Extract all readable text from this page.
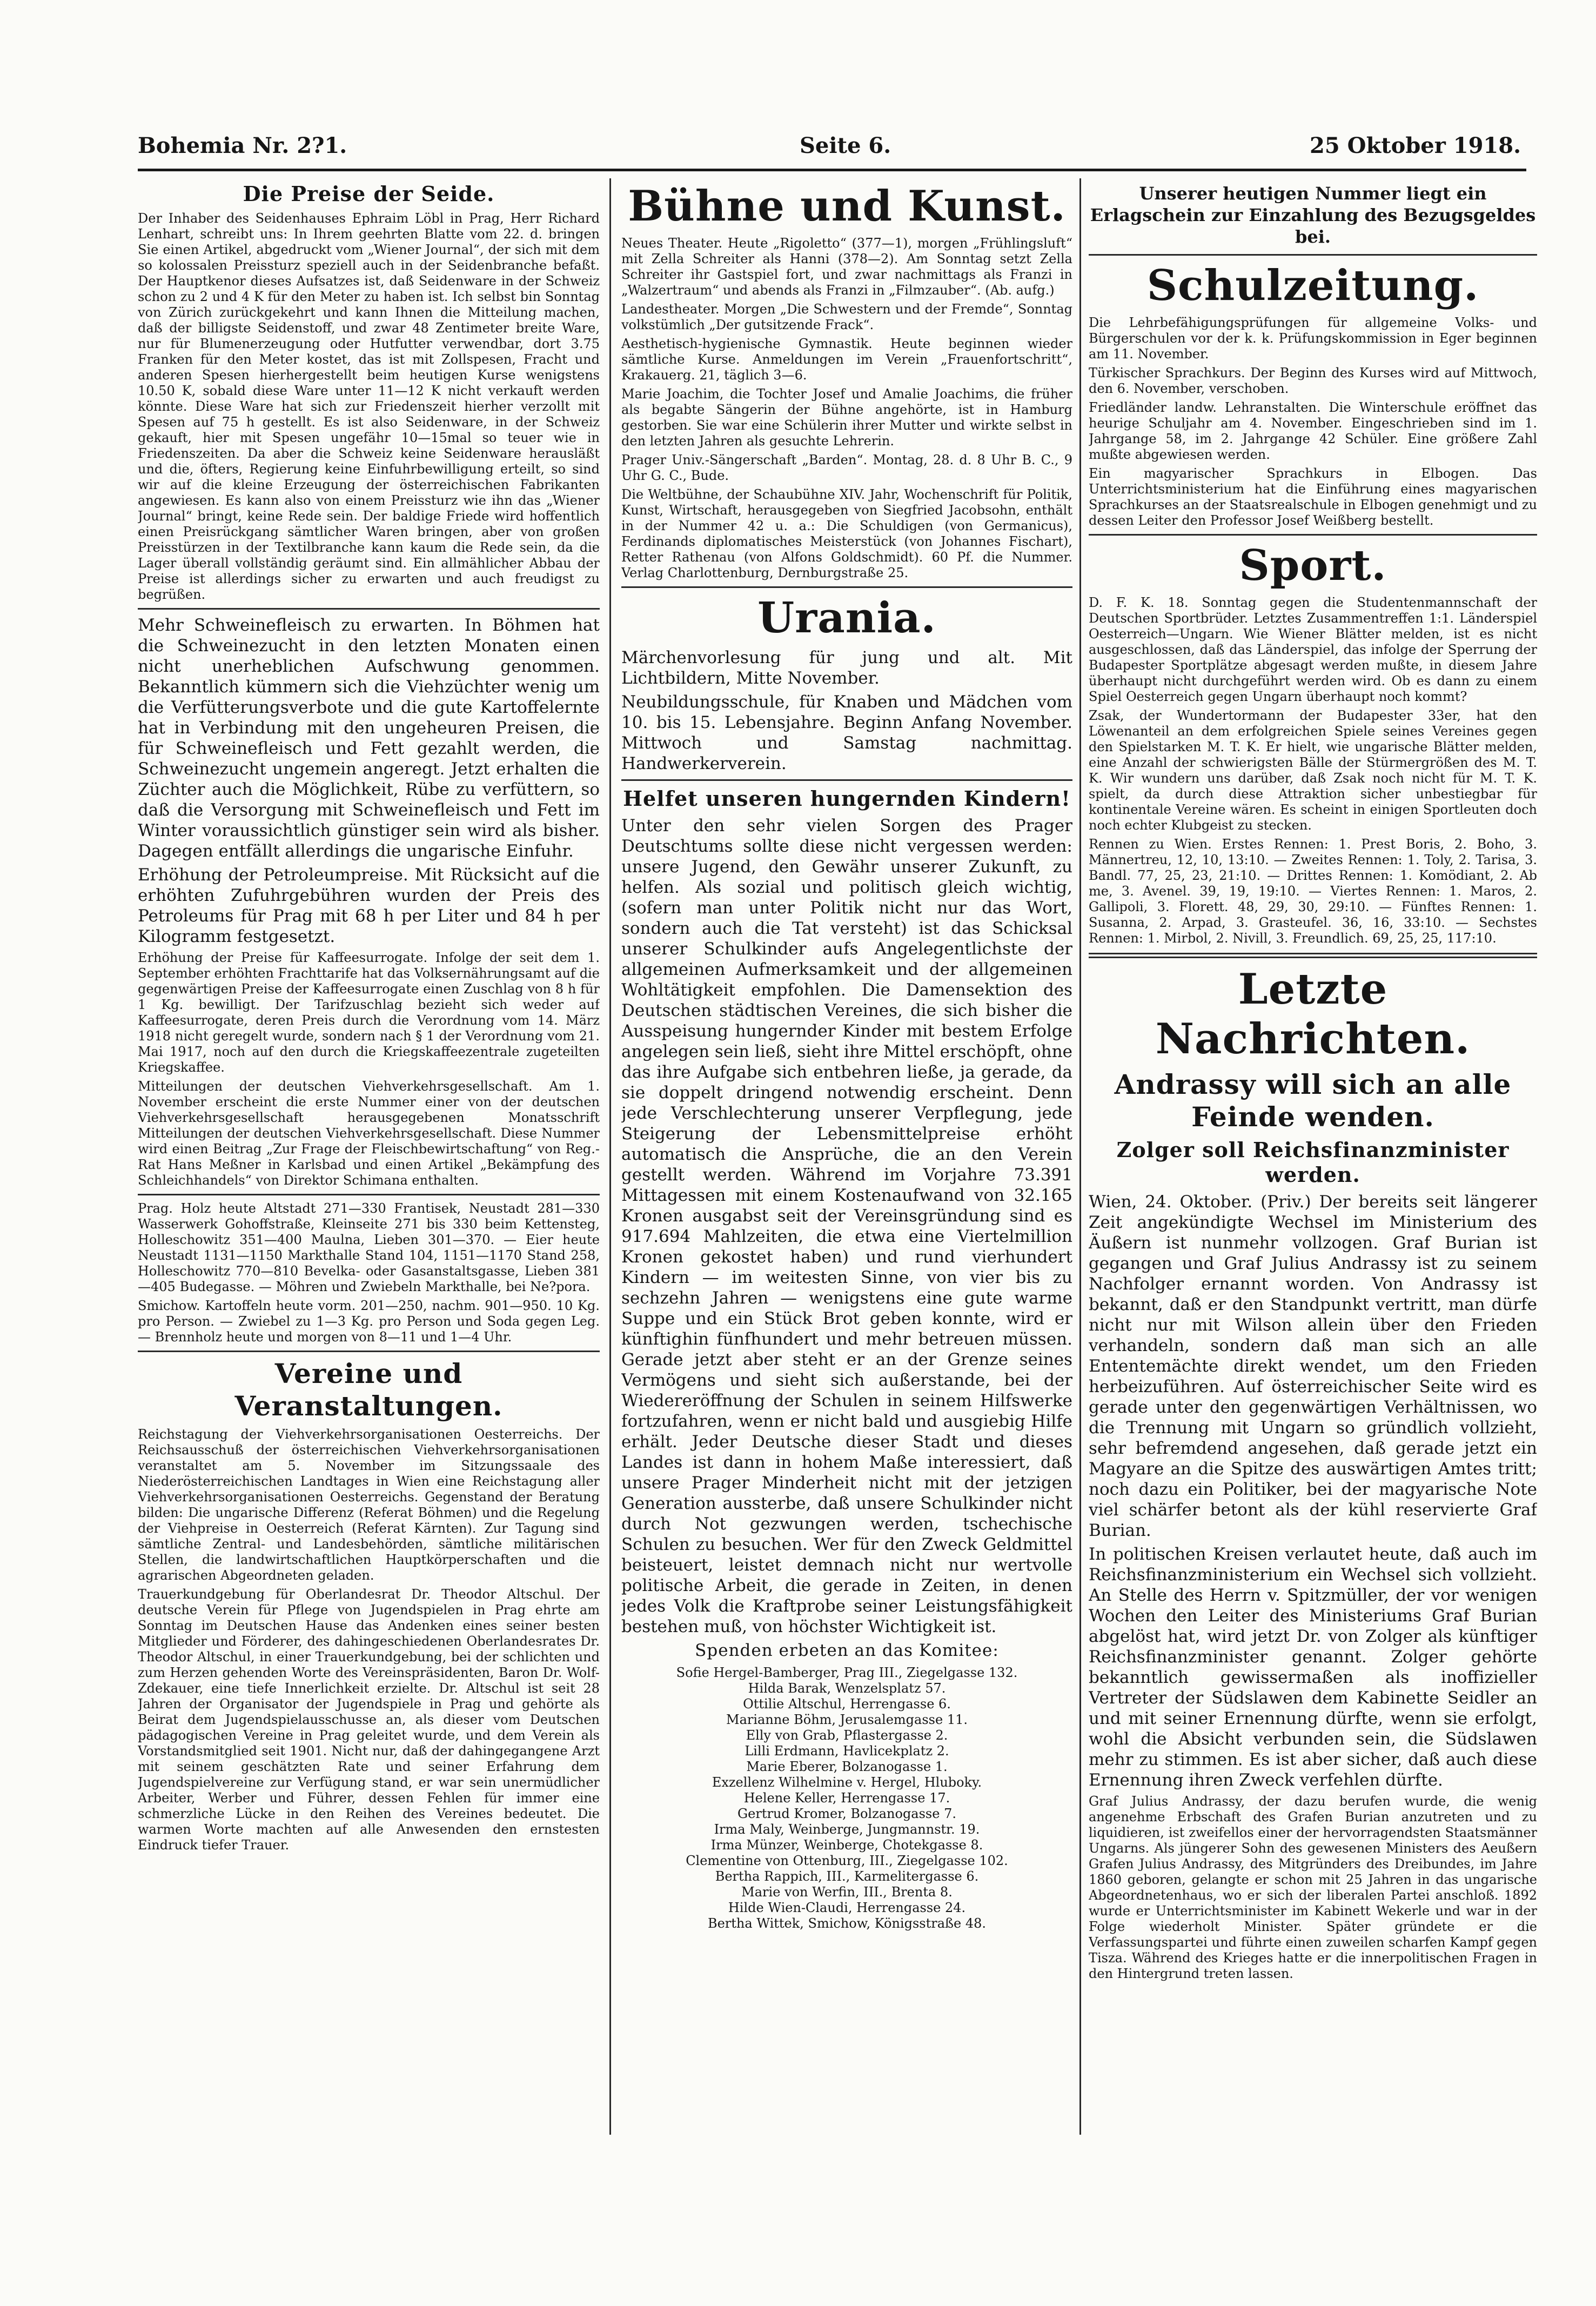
Bohemia Nr. 2?1.	Seite 6.	25 Oktober 1918.
Die Preise der Seide.

Der Inhaber des Seidenhauses Ephraim Löbl in Prag, Herr Richard Lenhart, schreibt uns: In Ihrem geehrten Blatte vom 22. d. bringen Sie einen Artikel, abgedruckt vom „Wiener Journal“, der sich mit dem so kolossalen Preissturz speziell auch in der Seidenbranche befaßt. Der Hauptkenor dieses Aufsatzes ist, daß Seidenware in der Schweiz schon zu 2 und 4 K für den Meter zu haben ist. Ich selbst bin Sonntag von Zürich zurückgekehrt und kann Ihnen die Mitteilung machen, daß der billigste Seidenstoff, und zwar 48 Zentimeter breite Ware, nur für Blumenerzeugung oder Hutfutter verwendbar, dort 3.75 Franken für den Meter kostet, das ist mit Zollspesen, Fracht und anderen Spesen hierhergestellt beim heutigen Kurse wenigstens 10.50 K, sobald diese Ware unter 11—12 K nicht verkauft werden könnte. Diese Ware hat sich zur Friedenszeit hierher verzollt mit Spesen auf 75 h gestellt. Es ist also Seidenware, in der Schweiz gekauft, hier mit Spesen ungefähr 10—15mal so teuer wie in Friedenszeiten. Da aber die Schweiz keine Seidenware herausläßt und die, öfters, Regierung keine Einfuhrbewilligung erteilt, so sind wir auf die kleine Erzeugung der österreichischen Fabrikanten angewiesen. Es kann also von einem Preissturz wie ihn das „Wiener Journal“ bringt, keine Rede sein. Der baldige Friede wird hoffentlich einen Preisrückgang sämtlicher Waren bringen, aber von großen Preisstürzen in der Textilbranche kann kaum die Rede sein, da die Lager überall vollständig geräumt sind. Ein allmählicher Abbau der Preise ist allerdings sicher zu erwarten und auch freudigst zu begrüßen.

Mehr Schweinefleisch zu erwarten. In Böhmen hat die Schweinezucht in den letzten Monaten einen nicht unerheblichen Aufschwung genommen. Bekanntlich kümmern sich die Viehzüchter wenig um die Verfütterungsverbote und die gute Kartoffelernte hat in Verbindung mit den ungeheuren Preisen, die für Schweinefleisch und Fett gezahlt werden, die Schweinezucht ungemein angeregt. Jetzt erhalten die Züchter auch die Möglichkeit, Rübe zu verfüttern, so daß die Versorgung mit Schweinefleisch und Fett im Winter voraussichtlich günstiger sein wird als bisher. Dagegen entfällt allerdings die ungarische Einfuhr.

Erhöhung der Petroleumpreise. Mit Rücksicht auf die erhöhten Zufuhrgebühren wurden der Preis des Petroleums für Prag mit 68 h per Liter und 84 h per Kilogramm festgesetzt.

Erhöhung der Preise für Kaffeesurrogate. Infolge der seit dem 1. September erhöhten Frachttarife hat das Volksernährungsamt auf die gegenwärtigen Preise der Kaffeesurrogate einen Zuschlag von 8 h für 1 Kg. bewilligt. Der Tarifzuschlag bezieht sich weder auf Kaffeesurrogate, deren Preis durch die Verordnung vom 14. März 1918 nicht geregelt wurde, sondern nach § 1 der Verordnung vom 21. Mai 1917, noch auf den durch die Kriegskaffeezentrale zugeteilten Kriegskaffee.

Mitteilungen der deutschen Viehverkehrsgesellschaft. Am 1. November erscheint die erste Nummer einer von der deutschen Viehverkehrsgesellschaft herausgegebenen Monatsschrift Mitteilungen der deutschen Viehverkehrsgesellschaft. Diese Nummer wird einen Beitrag „Zur Frage der Fleischbewirtschaftung“ von Reg.-Rat Hans Meßner in Karlsbad und einen Artikel „Bekämpfung des Schleichhandels“ von Direktor Schimana enthalten.

Prag. Holz heute Altstadt 271—330 Frantisek, Neustadt 281—330 Wasserwerk Gohoffstraße, Kleinseite 271 bis 330 beim Kettensteg, Holleschowitz 351—400 Maulna, Lieben 301—370. — Eier heute Neustadt 1131—1150 Markthalle Stand 104, 1151—1170 Stand 258, Holleschowitz 770—810 Bevelka- oder Gasanstaltsgasse, Lieben 381—405 Budegasse. — Möhren und Zwiebeln Markthalle, bei Ne?pora.

Smichow. Kartoffeln heute vorm. 201—250, nachm. 901—950. 10 Kg. pro Person. — Zwiebel zu 1—3 Kg. pro Person und Soda gegen Leg. — Brennholz heute und morgen von 8—11 und 1—4 Uhr.

Vereine und Veranstaltungen.

Reichstagung der Viehverkehrsorganisationen Oesterreichs. Der Reichsausschuß der österreichischen Viehverkehrsorganisationen veranstaltet am 5. November im Sitzungssaale des Niederösterreichischen Landtages in Wien eine Reichstagung aller Viehverkehrsorganisationen Oesterreichs. Gegenstand der Beratung bilden: Die ungarische Differenz (Referat Böhmen) und die Regelung der Viehpreise in Oesterreich (Referat Kärnten). Zur Tagung sind sämtliche Zentral- und Landesbehörden, sämtliche militärischen Stellen, die landwirtschaftlichen Hauptkörperschaften und die agrarischen Abgeordneten geladen.

Trauerkundgebung für Oberlandesrat Dr. Theodor Altschul. Der deutsche Verein für Pflege von Jugendspielen in Prag ehrte am Sonntag im Deutschen Hause das Andenken eines seiner besten Mitglieder und Förderer, des dahingeschiedenen Oberlandesrates Dr. Theodor Altschul, in einer Trauerkundgebung, bei der schlichten und zum Herzen gehenden Worte des Vereinspräsidenten, Baron Dr. Wolf-Zdekauer, eine tiefe Innerlichkeit erzielte. Dr. Altschul ist seit 28 Jahren der Organisator der Jugendspiele in Prag und gehörte als Beirat dem Jugendspielausschusse an, als dieser vom Deutschen pädagogischen Vereine in Prag geleitet wurde, und dem Verein als Vorstandsmitglied seit 1901. Nicht nur, daß der dahingegangene Arzt mit seinem geschätzten Rate und seiner Erfahrung dem Jugendspielvereine zur Verfügung stand, er war sein unermüdlicher Arbeiter, Werber und Führer, dessen Fehlen für immer eine schmerzliche Lücke in den Reihen des Vereines bedeutet. Die warmen Worte machten auf alle Anwesenden den ernstesten Eindruck tiefer Trauer.

Bühne und Kunst.

Neues Theater. Heute „Rigoletto“ (377—1), morgen „Frühlingsluft“ mit Zella Schreiter als Hanni (378—2). Am Sonntag setzt Zella Schreiter ihr Gastspiel fort, und zwar nachmittags als Franzi in „Walzertraum“ und abends als Franzi in „Filmzauber“. (Ab. aufg.)

Landestheater. Morgen „Die Schwestern und der Fremde“, Sonntag volkstümlich „Der gutsitzende Frack“.

Aesthetisch-hygienische Gymnastik. Heute beginnen wieder sämtliche Kurse. Anmeldungen im Verein „Frauenfortschritt“, Krakauerg. 21, täglich 3—6.

Marie Joachim, die Tochter Josef und Amalie Joachims, die früher als begabte Sängerin der Bühne angehörte, ist in Hamburg gestorben. Sie war eine Schülerin ihrer Mutter und wirkte selbst in den letzten Jahren als gesuchte Lehrerin.

Prager Univ.-Sängerschaft „Barden“. Montag, 28. d. 8 Uhr B. C., 9 Uhr G. C., Bude.

Die Weltbühne, der Schaubühne XIV. Jahr, Wochenschrift für Politik, Kunst, Wirtschaft, herausgegeben von Siegfried Jacobsohn, enthält in der Nummer 42 u. a.: Die Schuldigen (von Germanicus), Ferdinands diplomatisches Meisterstück (von Johannes Fischart), Retter Rathenau (von Alfons Goldschmidt). 60 Pf. die Nummer. Verlag Charlottenburg, Dernburgstraße 25.

Urania.

Märchenvorlesung für jung und alt. Mit Lichtbildern, Mitte November.

Neubildungsschule, für Knaben und Mädchen vom 10. bis 15. Lebensjahre. Beginn Anfang November. Mittwoch und Samstag nachmittag. Handwerkerverein.

Helfet unseren hungernden Kindern!

Unter den sehr vielen Sorgen des Prager Deutschtums sollte diese nicht vergessen werden: unsere Jugend, den Gewähr unserer Zukunft, zu helfen. Als sozial und politisch gleich wichtig, (sofern man unter Politik nicht nur das Wort, sondern auch die Tat versteht) ist das Schicksal unserer Schulkinder aufs Angelegentlichste der allgemeinen Aufmerksamkeit und der allgemeinen Wohltätigkeit empfohlen. Die Damensektion des Deutschen städtischen Vereines, die sich bisher die Ausspeisung hungernder Kinder mit bestem Erfolge angelegen sein ließ, sieht ihre Mittel erschöpft, ohne das ihre Aufgabe sich entbehren ließe, ja gerade, da sie doppelt dringend notwendig erscheint. Denn jede Verschlechterung unserer Verpflegung, jede Steigerung der Lebensmittelpreise erhöht automatisch die Ansprüche, die an den Verein gestellt werden. Während im Vorjahre 73.391 Mittagessen mit einem Kostenaufwand von 32.165 Kronen ausgabst seit der Vereinsgründung sind es 917.694 Mahlzeiten, die etwa eine Viertelmillion Kronen gekostet haben) und rund vierhundert Kindern — im weitesten Sinne, von vier bis zu sechzehn Jahren — wenigstens eine gute warme Suppe und ein Stück Brot geben konnte, wird er künftighin fünfhundert und mehr betreuen müssen. Gerade jetzt aber steht er an der Grenze seines Vermögens und sieht sich außerstande, bei der Wiedereröffnung der Schulen in seinem Hilfswerke fortzufahren, wenn er nicht bald und ausgiebig Hilfe erhält. Jeder Deutsche dieser Stadt und dieses Landes ist dann in hohem Maße interessiert, daß unsere Prager Minderheit nicht mit der jetzigen Generation aussterbe, daß unsere Schulkinder nicht durch Not gezwungen werden, tschechische Schulen zu besuchen. Wer für den Zweck Geldmittel beisteuert, leistet demnach nicht nur wertvolle politische Arbeit, die gerade in Zeiten, in denen jedes Volk die Kraftprobe seiner Leistungsfähigkeit bestehen muß, von höchster Wichtigkeit ist.

Spenden erbeten an das Komitee:

Sofie Hergel-Bamberger, Prag III., Ziegelgasse 132.

Hilda Barak, Wenzelsplatz 57.

Ottilie Altschul, Herrengasse 6.

Marianne Böhm, Jerusalemgasse 11.

Elly von Grab, Pflastergasse 2.

Lilli Erdmann, Havlicekplatz 2.

Marie Eberer, Bolzanogasse 1.

Exzellenz Wilhelmine v. Hergel, Hluboky.

Helene Keller, Herrengasse 17.

Gertrud Kromer, Bolzanogasse 7.

Irma Maly, Weinberge, Jungmannstr. 19.

Irma Münzer, Weinberge, Chotekgasse 8.

Clementine von Ottenburg, III., Ziegelgasse 102.

Bertha Rappich, III., Karmelitergasse 6.

Marie von Werfin, III., Brenta 8.

Hilde Wien-Claudi, Herrengasse 24.

Bertha Wittek, Smichow, Königsstraße 48.

Unserer heutigen Nummer liegt ein Erlagschein zur Einzahlung des Bezugsgeldes bei.
Schulzeitung.

Die Lehrbefähigungsprüfungen für allgemeine Volks- und Bürgerschulen vor der k. k. Prüfungskommission in Eger beginnen am 11. November.

Türkischer Sprachkurs. Der Beginn des Kurses wird auf Mittwoch, den 6. November, verschoben.

Friedländer landw. Lehranstalten. Die Winterschule eröffnet das heurige Schuljahr am 4. November. Eingeschrieben sind im 1. Jahrgange 58, im 2. Jahrgange 42 Schüler. Eine größere Zahl mußte abgewiesen werden.

Ein magyarischer Sprachkurs in Elbogen. Das Unterrichtsministerium hat die Einführung eines magyarischen Sprachkurses an der Staatsrealschule in Elbogen genehmigt und zu dessen Leiter den Professor Josef Weißberg bestellt.

Sport.

D. F. K. 18. Sonntag gegen die Studentenmannschaft der Deutschen Sportbrüder. Letztes Zusammentreffen 1:1. Länderspiel Oesterreich—Ungarn. Wie Wiener Blätter melden, ist es nicht ausgeschlossen, daß das Länderspiel, das infolge der Sperrung der Budapester Sportplätze abgesagt werden mußte, in diesem Jahre überhaupt nicht durchgeführt werden wird. Ob es dann zu einem Spiel Oesterreich gegen Ungarn überhaupt noch kommt?

Zsak, der Wundertormann der Budapester 33er, hat den Löwenanteil an dem erfolgreichen Spiele seines Vereines gegen den Spielstarken M. T. K. Er hielt, wie ungarische Blätter melden, eine Anzahl der schwierigsten Bälle der Stürmergrößen des M. T. K. Wir wundern uns darüber, daß Zsak noch nicht für M. T. K. spielt, da durch diese Attraktion sicher unbestiegbar für kontinentale Vereine wären. Es scheint in einigen Sportleuten doch noch echter Klubgeist zu stecken.

Rennen zu Wien. Erstes Rennen: 1. Prest Boris, 2. Boho, 3. Männertreu, 12, 10, 13:10. — Zweites Rennen: 1. Toly, 2. Tarisa, 3. Bandl. 77, 25, 23, 21:10. — Drittes Rennen: 1. Komödiant, 2. Ab me, 3. Avenel. 39, 19, 19:10. — Viertes Rennen: 1. Maros, 2. Gallipoli, 3. Florett. 48, 29, 30, 29:10. — Fünftes Rennen: 1. Susanna, 2. Arpad, 3. Grasteufel. 36, 16, 33:10. — Sechstes Rennen: 1. Mirbol, 2. Nivill, 3. Freundlich. 69, 25, 25, 117:10.

Letzte Nachrichten.
Andrassy will sich an alle Feinde wenden.
Zolger soll Reichsfinanzminister werden.

Wien, 24. Oktober. (Priv.) Der bereits seit längerer Zeit angekündigte Wechsel im Ministerium des Äußern ist nunmehr vollzogen. Graf Burian ist gegangen und Graf Julius Andrassy ist zu seinem Nachfolger ernannt worden. Von Andrassy ist bekannt, daß er den Standpunkt vertritt, man dürfe nicht nur mit Wilson allein über den Frieden verhandeln, sondern daß man sich an alle Ententemächte direkt wendet, um den Frieden herbeizuführen. Auf österreichischer Seite wird es gerade unter den gegenwärtigen Verhältnissen, wo die Trennung mit Ungarn so gründlich vollzieht, sehr befremdend angesehen, daß gerade jetzt ein Magyare an die Spitze des auswärtigen Amtes tritt; noch dazu ein Politiker, bei der magyarische Note viel schärfer betont als der kühl reservierte Graf Burian.

In politischen Kreisen verlautet heute, daß auch im Reichsfinanzministerium ein Wechsel sich vollzieht. An Stelle des Herrn v. Spitzmüller, der vor wenigen Wochen den Leiter des Ministeriums Graf Burian abgelöst hat, wird jetzt Dr. von Zolger als künftiger Reichsfinanzminister genannt. Zolger gehörte bekanntlich gewissermaßen als inoffizieller Vertreter der Südslawen dem Kabinette Seidler an und mit seiner Ernennung dürfte, wenn sie erfolgt, wohl die Absicht verbunden sein, die Südslawen mehr zu stimmen. Es ist aber sicher, daß auch diese Ernennung ihren Zweck verfehlen dürfte.

Graf Julius Andrassy, der dazu berufen wurde, die wenig angenehme Erbschaft des Grafen Burian anzutreten und zu liquidieren, ist zweifellos einer der hervorragendsten Staatsmänner Ungarns. Als jüngerer Sohn des gewesenen Ministers des Aeußern Grafen Julius Andrassy, des Mitgründers des Dreibundes, im Jahre 1860 geboren, gelangte er schon mit 25 Jahren in das ungarische Abgeordnetenhaus, wo er sich der liberalen Partei anschloß. 1892 wurde er Unterrichtsminister im Kabinett Wekerle und war in der Folge wiederholt Minister. Später gründete er die Verfassungspartei und führte einen zuweilen scharfen Kampf gegen Tisza. Während des Krieges hatte er die innerpolitischen Fragen in den Hintergrund treten lassen.
